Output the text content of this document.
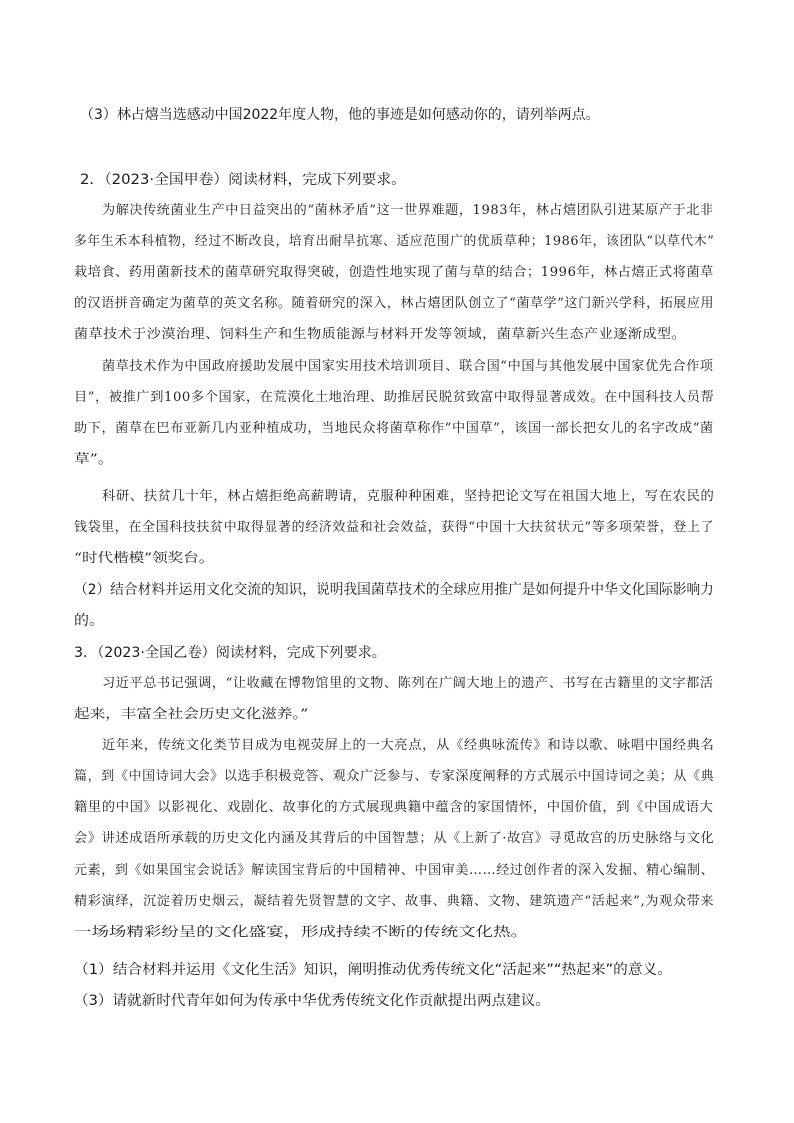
（3）林占熺当选感动中国2022年度人物，他的事迹是如何感动你的，请列举两点。
2．（2023·全国甲卷）阅读材料，完成下列要求。
为解决传统菌业生产中日益突出的“菌林矛盾”这一世界难题，1983年，林占熺团队引进某原产于北非
多年生禾本科植物，经过不断改良，培育出耐旱抗寒、适应范围广的优质草种；1986年，该团队“以草代木”
栽培食、药用菌新技术的菌草研究取得突破，创造性地实现了菌与草的结合；1996年，林占熺正式将菌草
的汉语拼音确定为菌草的英文名称。随着研究的深入，林占熺团队创立了“菌草学”这门新兴学科，拓展应用
菌草技术于沙漠治理、饲料生产和生物质能源与材料开发等领域，菌草新兴生态产业逐渐成型。
菌草技术作为中国政府援助发展中国家实用技术培训项目、联合国“中国与其他发展中国家优先合作项
目”，被推广到100多个国家，在荒漠化土地治理、助推居民脱贫致富中取得显著成效。在中国科技人员帮
助下，菌草在巴布亚新几内亚种植成功，当地民众将菌草称作“中国草”，该国一部长把女儿的名字改成“菌
草”。
科研、扶贫几十年，林占熺拒绝高薪聘请，克服种种困难，坚持把论文写在祖国大地上，写在农民的
钱袋里，在全国科技扶贫中取得显著的经济效益和社会效益，获得“中国十大扶贫状元”等多项荣誉，登上了
“时代楷模”领奖台。
（2）结合材料并运用文化交流的知识，说明我国菌草技术的全球应用推广是如何提升中华文化国际影响力
的。
3．（2023·全国乙卷）阅读材料，完成下列要求。
习近平总书记强调，“让收藏在博物馆里的文物、陈列在广阔大地上的遗产、书写在古籍里的文字都活
起来，丰富全社会历史文化滋养。”
近年来，传统文化类节目成为电视荧屏上的一大亮点，从《经典咏流传》和诗以歌、咏唱中国经典名
篇，到《中国诗词大会》以选手积极竞答、观众广泛参与、专家深度阐释的方式展示中国诗词之美；从《典
籍里的中国》以影视化、戏剧化、故事化的方式展现典籍中蕴含的家国情怀，中国价值，到《中国成语大
会》讲述成语所承载的历史文化内涵及其背后的中国智慧；从《上新了·故宫》寻觅故宫的历史脉络与文化
元素，到《如果国宝会说话》解读国宝背后的中国精神、中国审美……经过创作者的深入发掘、精心编制、
精彩演绎，沉淀着历史烟云，凝结着先贤智慧的文字、故事、典籍、文物、建筑遗产“活起来”,为观众带来
一场场精彩纷呈的文化盛宴，形成持续不断的传统文化热。
（1）结合材料并运用《文化生活》知识，阐明推动优秀传统文化“活起来”“热起来”的意义。
（3）请就新时代青年如何为传承中华优秀传统文化作贡献提出两点建议。
